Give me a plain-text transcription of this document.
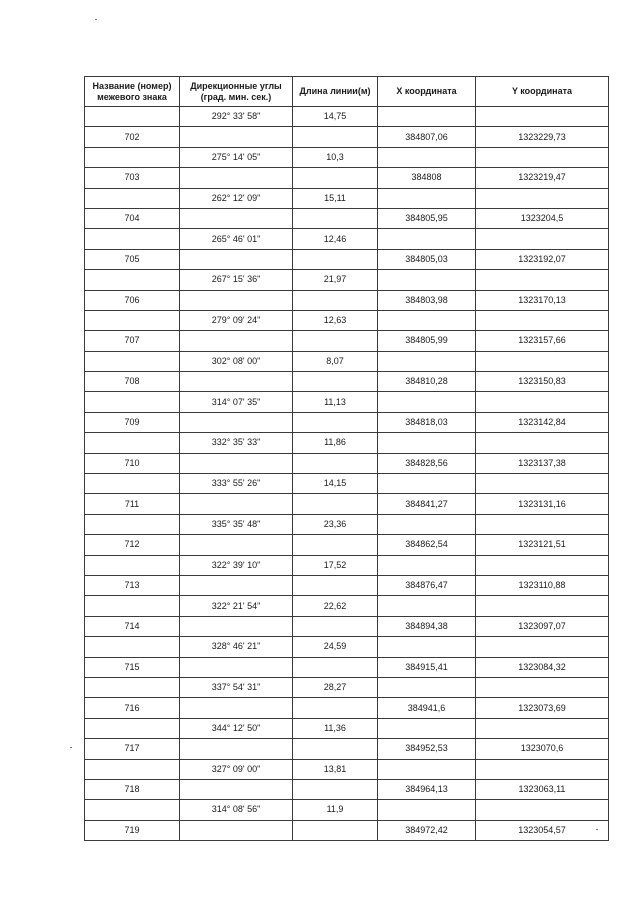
Название (номер) межевого знака	Дирекционные углы (град. мин. сек.)	Длина линии(м)	X координата	Y координата
	292° 33' 58"	14,75		
702			384807,06	1323229,73
	275° 14' 05"	10,3		
703			384808	1323219,47
	262° 12' 09"	15,11		
704			384805,95	1323204,5
	265° 46' 01"	12,46		
705			384805,03	1323192,07
	267° 15' 36"	21,97		
706			384803,98	1323170,13
	279° 09' 24"	12,63		
707			384805,99	1323157,66
	302° 08' 00"	8,07		
708			384810,28	1323150,83
	314° 07' 35"	11,13		
709			384818,03	1323142,84
	332° 35' 33"	11,86		
710			384828,56	1323137,38
	333° 55' 26"	14,15		
711			384841,27	1323131,16
	335° 35' 48"	23,36		
712			384862,54	1323121,51
	322° 39' 10"	17,52		
713			384876,47	1323110,88
	322° 21' 54"	22,62		
714			384894,38	1323097,07
	328° 46' 21"	24,59		
715			384915,41	1323084,32
	337° 54' 31"	28,27		
716			384941,6	1323073,69
	344° 12' 50"	11,36		
717			384952,53	1323070,6
	327° 09' 00"	13,81		
718			384964,13	1323063,11
	314° 08' 56"	11,9		
719			384972,42	1323054,57
